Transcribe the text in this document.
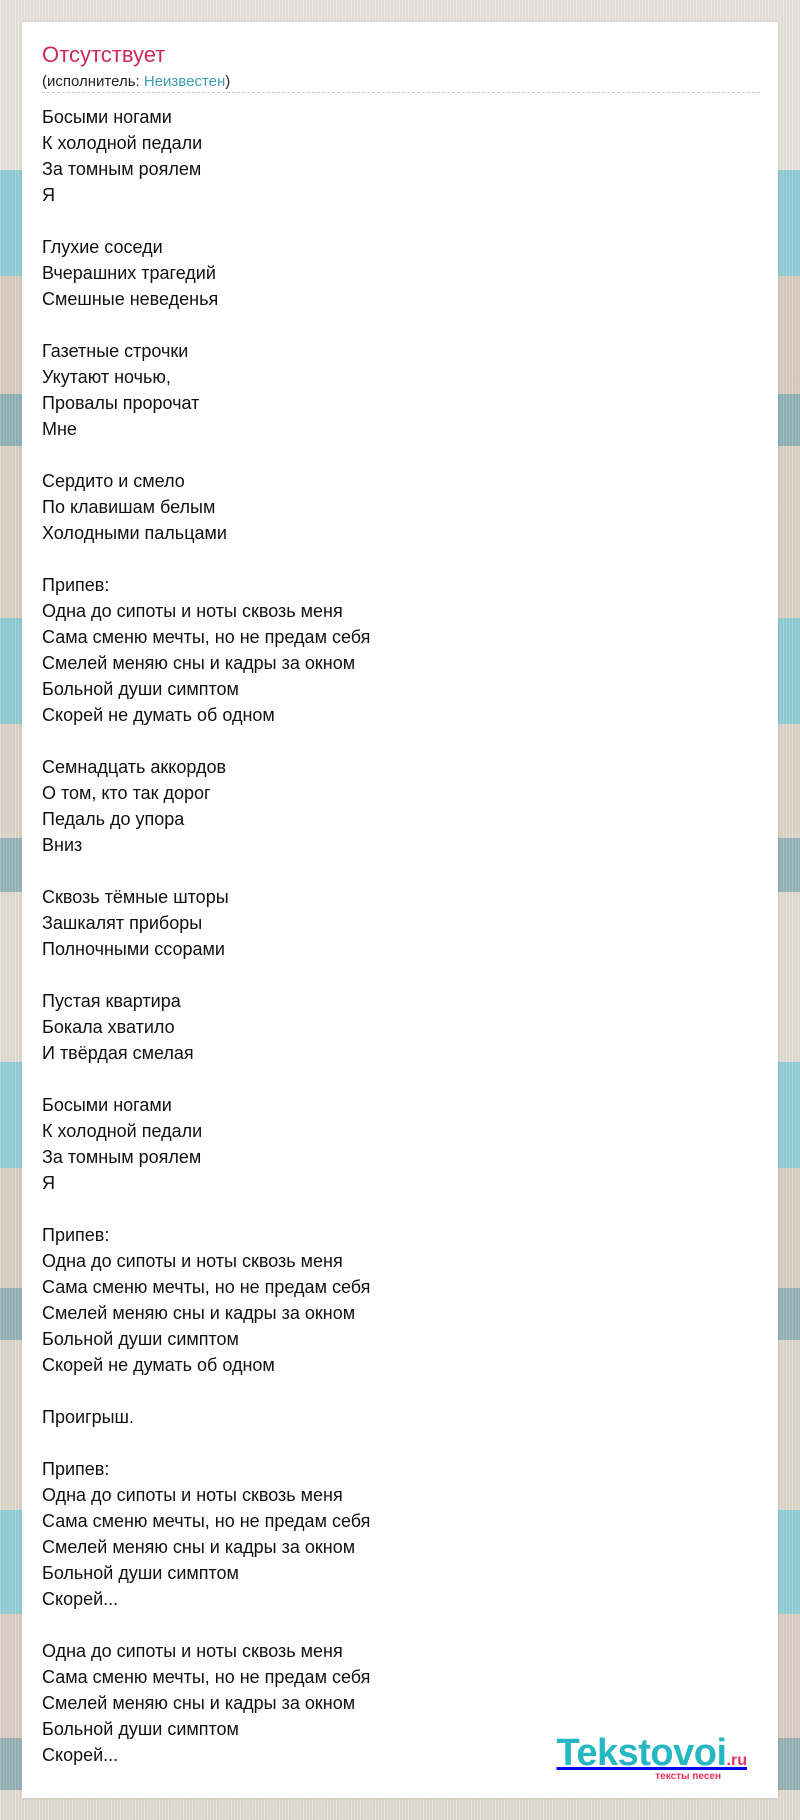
Отсутствует
(исполнитель: Неизвестен)
Босыми ногами
К холодной педали
За томным роялем
Я
Глухие соседи
Вчерашних трагедий
Смешные неведенья
Газетные строчки
Укутают ночью,
Провалы пророчат
Мне
Сердито и смело
По клавишам белым
Холодными пальцами
Припев:
Одна до сипоты и ноты сквозь меня
Сама сменю мечты, но не предам себя
Смелей меняю сны и кадры за окном
Больной души симптом
Скорей не думать об одном
Семнадцать аккордов
О том, кто так дорог
Педаль до упора
Вниз
Сквозь тёмные шторы
Зашкалят приборы
Полночными ссорами
Пустая квартира
Бокала хватило
И твёрдая смелая
Босыми ногами
К холодной педали
За томным роялем
Я
Припев:
Одна до сипоты и ноты сквозь меня
Сама сменю мечты, но не предам себя
Смелей меняю сны и кадры за окном
Больной души симптом
Скорей не думать об одном
Проигрыш.
Припев:
Одна до сипоты и ноты сквозь меня
Сама сменю мечты, но не предам себя
Смелей меняю сны и кадры за окном
Больной души симптом
Скорей...
Одна до сипоты и ноты сквозь меня
Сама сменю мечты, но не предам себя
Смелей меняю сны и кадры за окном
Больной души симптом
Скорей...	Tekstovoi.ru
тексты песен
